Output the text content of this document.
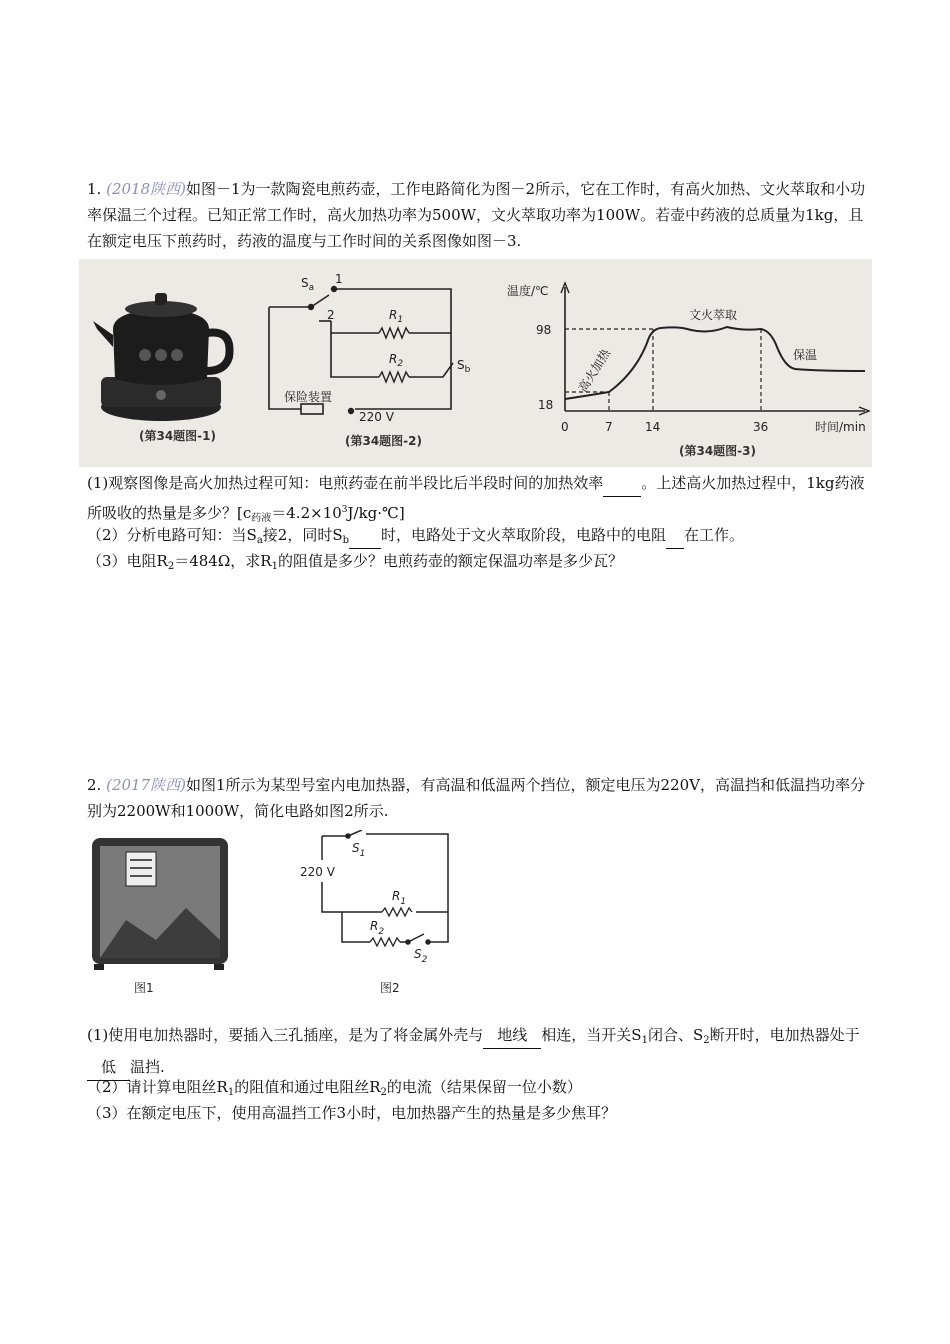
1. (2018陕西)如图－1为一款陶瓷电煎药壶，工作电路简化为图－2所示，它在工作时，有高火加热、文火萃取和小功率保温三个过程。已知正常工作时，高火加热功率为500W，文火萃取功率为100W。若壶中药液的总质量为1kg，且在额定电压下煎药时，药液的温度与工作时间的关系图像如图－3.
(第34题图-1)
$S_a$
1
2	$R_1$
$R_2$	$S_b$
保险装置
220 V
(第34题图-2)
温度/℃
98
18
0	7	14	36	时间/min
高火加热
文火萃取
保温
(第34题图-3)
(1)观察图像是高火加热过程可知：电煎药壶在前半段比后半段时间的加热效率	。上述高火加热过程中，1kg药液所吸收的热量是多少？$[c_{药液}=4.2\times 10^3J/kg\cdot℃]$
（2）分析电路可知：当$S_a$接2，同时$S_b$ 时，电路处于文火萃取阶段，电路中的电阻 在工作。
（3）电阻$R_2=484\Omega$，求$R_1$的阻值是多少？电煎药壶的额定保温功率是多少瓦？
2. (2017陕西)如图1所示为某型号室内电加热器，有高温和低温两个挡位，额定电压为220V，高温挡和低温挡功率分别为2200W和1000W，简化电路如图2所示.
图1
$S_1$
220 V
$R_1$
$R_2$
$S_2$
图2
(1)使用电加热器时，要插入三孔插座，是为了将金属外壳与 地线 相连，当开关$S_1$闭合、$S_2$断开时，电加热器处于低 温挡.
（2）请计算电阻丝$R_1$的阻值和通过电阻丝$R_2$的电流（结果保留一位小数）
（3）在额定电压下，使用高温挡工作3小时，电加热器产生的热量是多少焦耳？
